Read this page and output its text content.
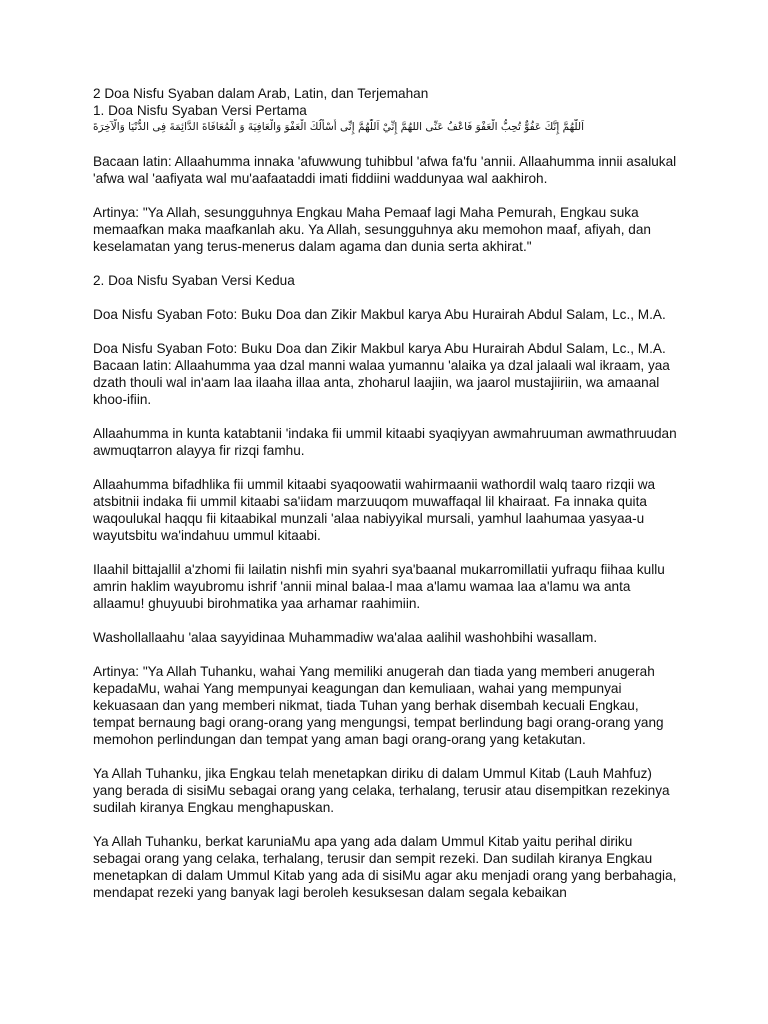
2 Doa Nisfu Syaban dalam Arab, Latin, dan Terjemahan

1. Doa Nisfu Syaban Versi Pertama

اَللّٰهُمَّ إِنَّكَ عَفُوٌّ تُحِبُّ الْعَفْوَ فَاعْفُ عَنِّى اللهُمَّ إِنِّيْ اَللّٰهُمَّ إِنِّى أَسْأَلُكَ الْعَفْوَ وَالْعَافِيَةَ وَ الْمُعَافَاةَ الدَّائِمَةَ فِى الدُّنْيَا وَالْآخِرَةَ

Bacaan latin: Allaahumma innaka 'afuwwung tuhibbul 'afwa fa'fu 'annii. Allaahumma innii asalukal 'afwa wal 'aafiyata wal mu'aafaataddi imati fiddiini waddunyaa wal aakhiroh.

Artinya: "Ya Allah, sesungguhnya Engkau Maha Pemaaf lagi Maha Pemurah, Engkau suka memaafkan maka maafkanlah aku. Ya Allah, sesungguhnya aku memohon maaf, afiyah, dan keselamatan yang terus-menerus dalam agama dan dunia serta akhirat."

2. Doa Nisfu Syaban Versi Kedua

Doa Nisfu Syaban Foto: Buku Doa dan Zikir Makbul karya Abu Hurairah Abdul Salam, Lc., M.A.

Doa Nisfu Syaban Foto: Buku Doa dan Zikir Makbul karya Abu Hurairah Abdul Salam, Lc., M.A.

Bacaan latin: Allaahumma yaa dzal manni walaa yumannu 'alaika ya dzal jalaali wal ikraam, yaa dzath thouli wal in'aam laa ilaaha illaa anta, zhoharul laajiin, wa jaarol mustajiiriin, wa amaanal khoo-ifiin.

Allaahumma in kunta katabtanii 'indaka fii ummil kitaabi syaqiyyan awmahruuman awmathruudan awmuqtarron alayya fir rizqi famhu.

Allaahumma bifadhlika fii ummil kitaabi syaqoowatii wahirmaanii wathordil walq taaro rizqii wa atsbitnii indaka fii ummil kitaabi sa'iidam marzuuqom muwaffaqal lil khairaat. Fa innaka quita waqoulukal haqqu fii kitaabikal munzali 'alaa nabiyyikal mursali, yamhul laahumaa yasyaa-u wayutsbitu wa'indahuu ummul kitaabi.

Ilaahil bittajallil a'zhomi fii lailatin nishfi min syahri sya'baanal mukarromillatii yufraqu fiihaa kullu amrin haklim wayubromu ishrif 'annii minal balaa-l maa a'lamu wamaa laa a'lamu wa anta allaamu! ghuyuubi birohmatika yaa arhamar raahimiin.

Washollallaahu 'alaa sayyidinaa Muhammadiw wa'alaa aalihil washohbihi wasallam.

Artinya: "Ya Allah Tuhanku, wahai Yang memiliki anugerah dan tiada yang memberi anugerah kepadaMu, wahai Yang mempunyai keagungan dan kemuliaan, wahai yang mempunyai kekuasaan dan yang memberi nikmat, tiada Tuhan yang berhak disembah kecuali Engkau, tempat bernaung bagi orang-orang yang mengungsi, tempat berlindung bagi orang-orang yang memohon perlindungan dan tempat yang aman bagi orang-orang yang ketakutan.

Ya Allah Tuhanku, jika Engkau telah menetapkan diriku di dalam Ummul Kitab (Lauh Mahfuz) yang berada di sisiMu sebagai orang yang celaka, terhalang, terusir atau disempitkan rezekinya sudilah kiranya Engkau menghapuskan.

Ya Allah Tuhanku, berkat karuniaMu apa yang ada dalam Ummul Kitab yaitu perihal diriku sebagai orang yang celaka, terhalang, terusir dan sempit rezeki. Dan sudilah kiranya Engkau menetapkan di dalam Ummul Kitab yang ada di sisiMu agar aku menjadi orang yang berbahagia, mendapat rezeki yang banyak lagi beroleh kesuksesan dalam segala kebaikan
